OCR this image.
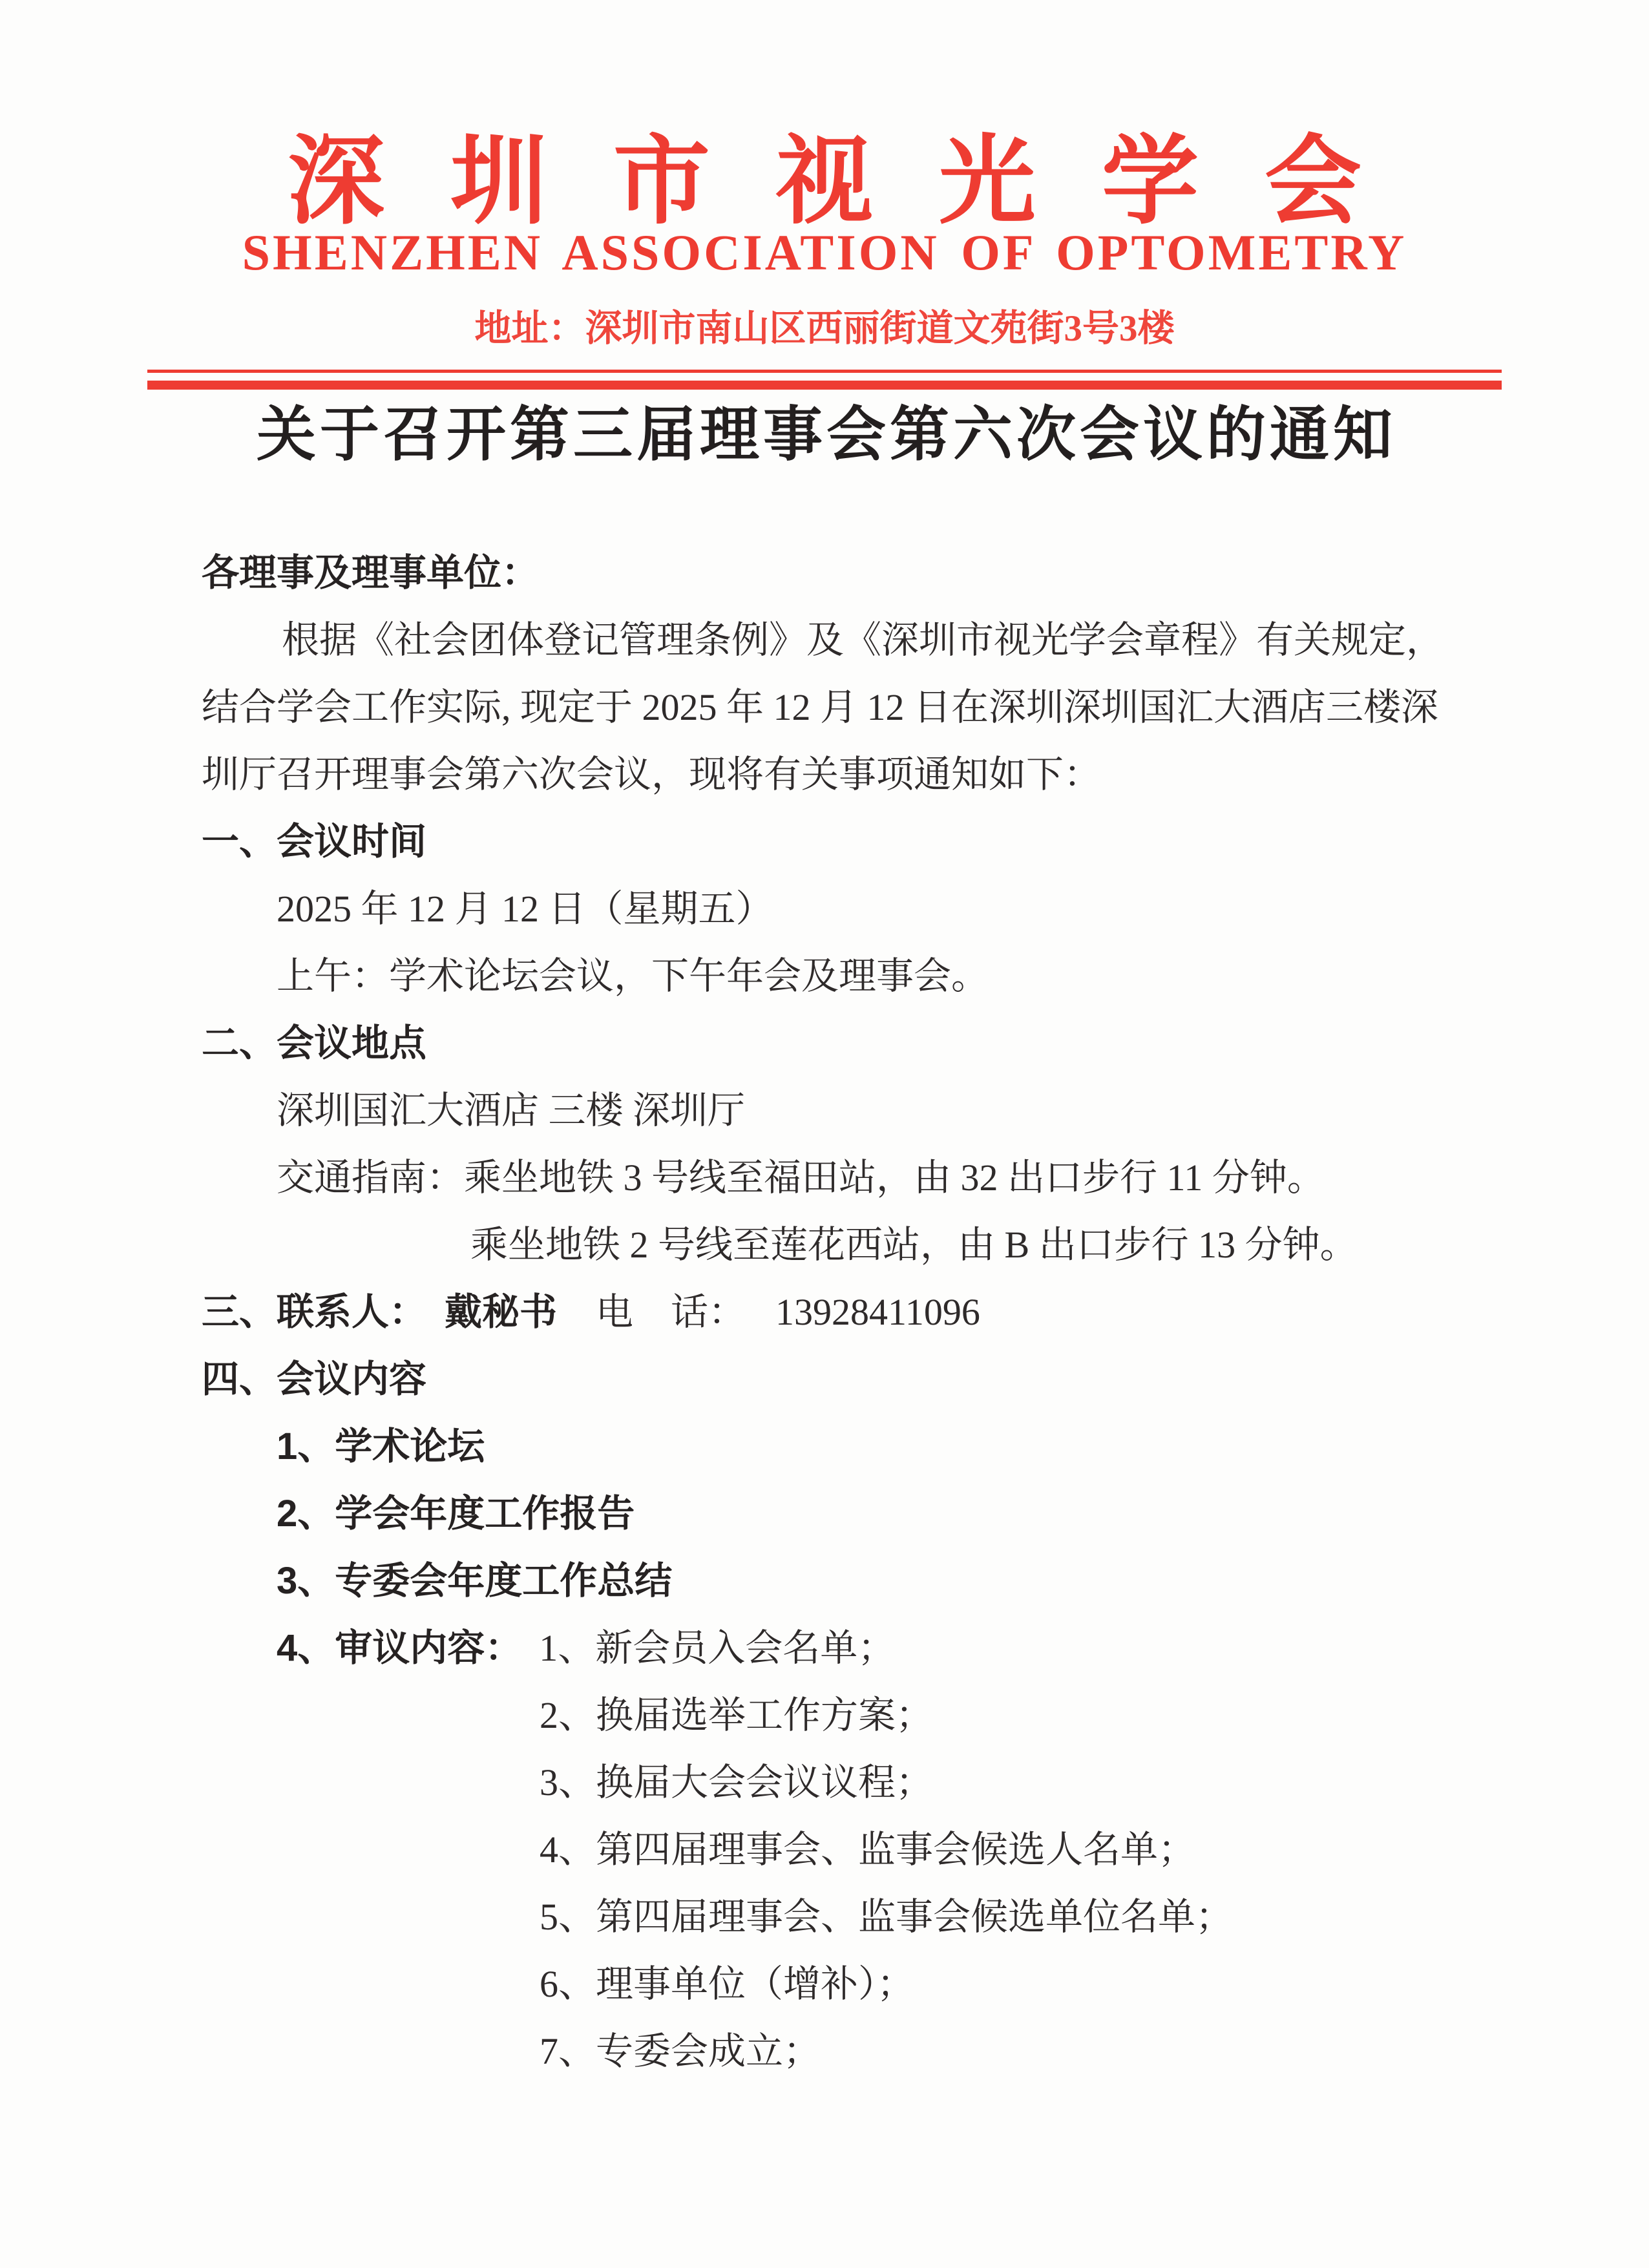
深圳市视光学会
SHENZHEN ASSOCIATION OF OPTOMETRY
地址：深圳市南山区西丽街道文苑街3号3楼
关于召开第三届理事会第六次会议的通知
各理事及理事单位：
根据《社会团体登记管理条例》及《深圳市视光学会章程》有关规定，
结合学会工作实际, 现定于 2025 年 12 月 12 日在深圳深圳国汇大酒店三楼深
圳厅召开理事会第六次会议，现将有关事项通知如下：
一、会议时间
2025 年 12 月 12 日（星期五）
上午：学术论坛会议，下午年会及理事会。
二、会议地点
深圳国汇大酒店 三楼 深圳厅
交通指南：乘坐地铁 3 号线至福田站，由 32 出口步行 11 分钟。
乘坐地铁 2 号线至莲花西站，由 B 出口步行 13 分钟。
三、联系人： 戴秘书 电　话： 13928411096
四、会议内容
1、学术论坛
2、学会年度工作报告
3、专委会年度工作总结
4、审议内容： 1、新会员入会名单；
2、换届选举工作方案；
3、换届大会会议议程；
4、第四届理事会、监事会候选人名单；
5、第四届理事会、监事会候选单位名单；
6、理事单位（增补）；
7、专委会成立；
